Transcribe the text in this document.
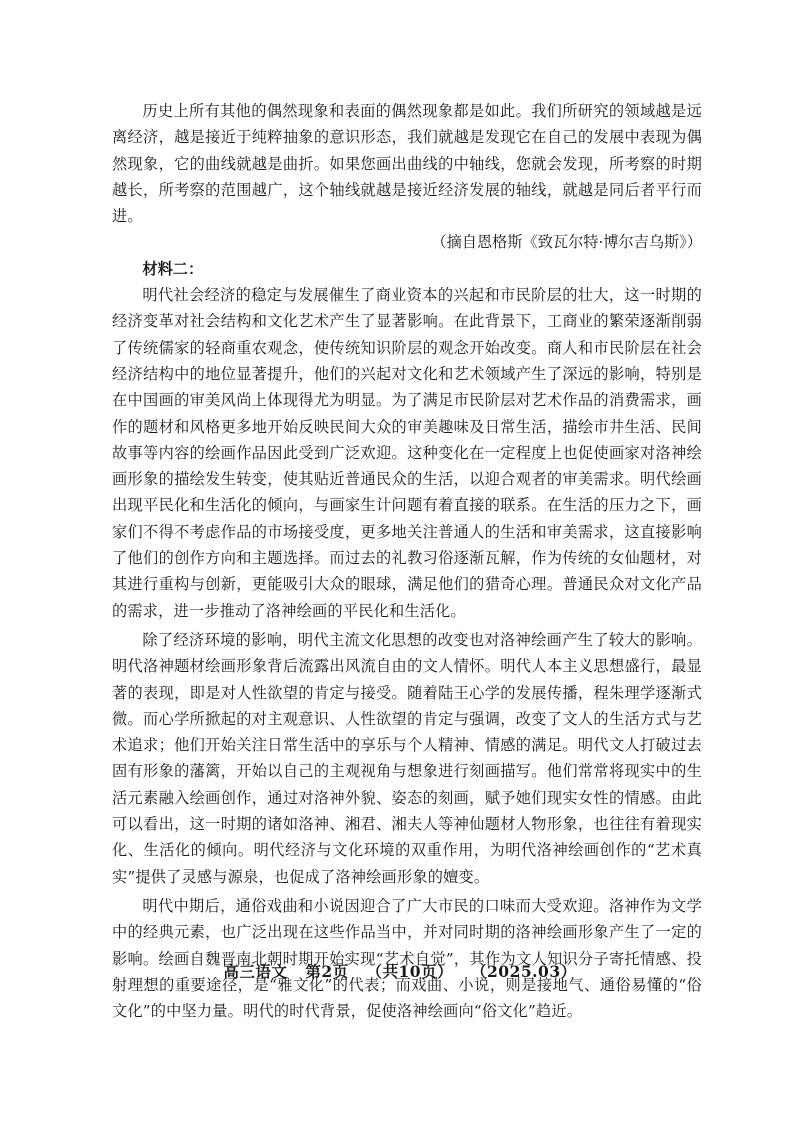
历史上所有其他的偶然现象和表面的偶然现象都是如此。我们所研究的领域越是远离经济，越是接近于纯粹抽象的意识形态，我们就越是发现它在自己的发展中表现为偶然现象，它的曲线就越是曲折。如果您画出曲线的中轴线，您就会发现，所考察的时期越长，所考察的范围越广，这个轴线就越是接近经济发展的轴线，就越是同后者平行而进。

（摘自恩格斯《致瓦尔特·博尔吉乌斯》）

材料二：

明代社会经济的稳定与发展催生了商业资本的兴起和市民阶层的壮大，这一时期的经济变革对社会结构和文化艺术产生了显著影响。在此背景下，工商业的繁荣逐渐削弱了传统儒家的轻商重农观念，使传统知识阶层的观念开始改变。商人和市民阶层在社会经济结构中的地位显著提升，他们的兴起对文化和艺术领域产生了深远的影响，特别是在中国画的审美风尚上体现得尤为明显。为了满足市民阶层对艺术作品的消费需求，画作的题材和风格更多地开始反映民间大众的审美趣味及日常生活，描绘市井生活、民间故事等内容的绘画作品因此受到广泛欢迎。这种变化在一定程度上也促使画家对洛神绘画形象的描绘发生转变，使其贴近普通民众的生活，以迎合观者的审美需求。明代绘画出现平民化和生活化的倾向，与画家生计问题有着直接的联系。在生活的压力之下，画家们不得不考虑作品的市场接受度，更多地关注普通人的生活和审美需求，这直接影响了他们的创作方向和主题选择。而过去的礼教习俗逐渐瓦解，作为传统的女仙题材，对其进行重构与创新，更能吸引大众的眼球，满足他们的猎奇心理。普通民众对文化产品的需求，进一步推动了洛神绘画的平民化和生活化。

除了经济环境的影响，明代主流文化思想的改变也对洛神绘画产生了较大的影响。明代洛神题材绘画形象背后流露出风流自由的文人情怀。明代人本主义思想盛行，最显著的表现，即是对人性欲望的肯定与接受。随着陆王心学的发展传播，程朱理学逐渐式微。而心学所掀起的对主观意识、人性欲望的肯定与强调，改变了文人的生活方式与艺术追求；他们开始关注日常生活中的享乐与个人精神、情感的满足。明代文人打破过去固有形象的藩篱，开始以自己的主观视角与想象进行刻画描写。他们常常将现实中的生活元素融入绘画创作，通过对洛神外貌、姿态的刻画，赋予她们现实女性的情感。由此可以看出，这一时期的诸如洛神、湘君、湘夫人等神仙题材人物形象，也往往有着现实化、生活化的倾向。明代经济与文化环境的双重作用，为明代洛神绘画创作的“艺术真实”提供了灵感与源泉，也促成了洛神绘画形象的嬗变。

明代中期后，通俗戏曲和小说因迎合了广大市民的口味而大受欢迎。洛神作为文学中的经典元素，也广泛出现在这些作品当中，并对同时期的洛神绘画形象产生了一定的影响。绘画自魏晋南北朝时期开始实现“艺术自觉”，其作为文人知识分子寄托情感、投射理想的重要途径，是“雅文化”的代表；而戏曲、小说，则是接地气、通俗易懂的“俗文化”的中坚力量。明代的时代背景，促使洛神绘画向“俗文化”趋近。

高三语文 第2页 （共10页） （2025.03）
